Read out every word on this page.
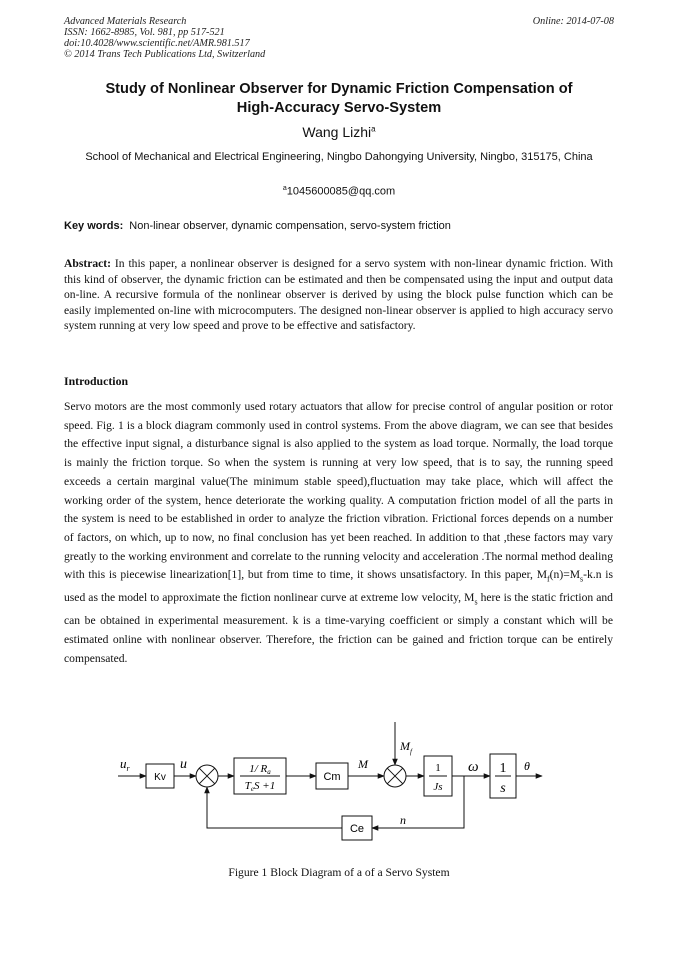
Advanced Materials Research
ISSN: 1662-8985, Vol. 981, pp 517-521
doi:10.4028/www.scientific.net/AMR.981.517
© 2014 Trans Tech Publications Ltd, Switzerland
Online: 2014-07-08
Study of Nonlinear Observer for Dynamic Friction Compensation of
High-Accuracy Servo-System
Wang Lizhi$^a$
School of Mechanical and Electrical Engineering, Ningbo Dahongying University, Ningbo, 315175, China
$^a$1045600085@qq.com
Key words: Non-linear observer, dynamic compensation, servo-system friction
Abstract: In this paper, a nonlinear observer is designed for a servo system with non-linear dynamic friction. With this kind of observer, the dynamic friction can be estimated and then be compensated using the input and output data on-line. A recursive formula of the nonlinear observer is derived by using the block pulse function which can be easily implemented on-line with microcomputers. The designed non-linear observer is applied to high accuracy servo system running at very low speed and prove to be effective and satisfactory.
Introduction
Servo motors are the most commonly used rotary actuators that allow for precise control of angular position or rotor speed. Fig. 1 is a block diagram commonly used in control systems. From the above diagram, we can see that besides the effective input signal, a disturbance signal is also applied to the system as load torque. Normally, the load torque is mainly the friction torque. So when the system is running at very low speed, that is to say, the running speed exceeds a certain marginal value(The minimum stable speed),fluctuation may take place, which will affect the working order of the system, hence deteriorate the working quality. A computation friction model of all the parts in the system is need to be established in order to analyze the friction vibration. Frictional forces depends on a number of factors, on which, up to now, no final conclusion has yet been reached. In addition to that ,these factors may vary greatly to the working environment and correlate to the running velocity and acceleration .The normal method dealing with this is piecewise linearization[1], but from time to time, it shows unsatisfactory. In this paper, $M_f(n)=M_s-k.n$ is used as the model to approximate the fiction nonlinear curve at extreme low velocity, $M_s$ here is the static friction and can be obtained in experimental measurement. k is a time-varying coefficient or simply a constant which will be estimated online with nonlinear observer. Therefore, the friction can be gained and friction torque can be entirely compensated.
$u_r$
Kv
u	1/ Ra
TeS +1
Cm
M
$M_f$
1
Js
ω 1
s
θ
Ce
n
Figure 1 Block Diagram of a of a Servo System
